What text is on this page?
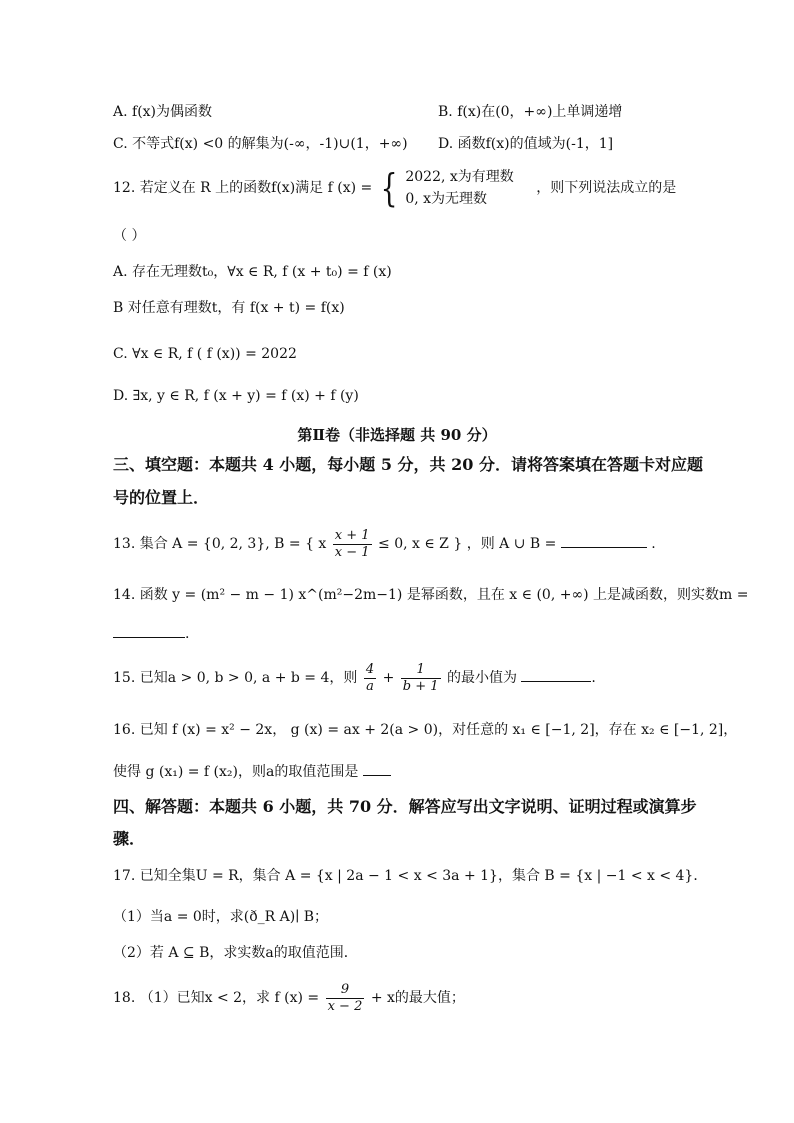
A. f(x)为偶函数	B. f(x)在(0，+∞)上单调递增
C. 不等式f(x) <0 的解集为(-∞，-1)∪(1，+∞) D. 函数f(x)的值域为(-1，1]
12. 若定义在 R 上的函数f(x)满足 f (x) = { 2022, x为有理数
0, x为无理数
，则下列说法成立的是
（ ）
A. 存在无理数t₀，∀x ∈ R, f (x + t₀) = f (x)
B 对任意有理数t，有 f(x + t) = f(x)
C. ∀x ∈ R, f ( f (x)) = 2022
D. ∃x, y ∈ R, f (x + y) = f (x) + f (y)
第Ⅱ卷（非选择题 共 90 分）
三、填空题：本题共 4 小题，每小题 5 分，共 20 分．请将答案填在答题卡对应题
号的位置上．
13. 集合 A = {0, 2, 3}, B = { x $\frac{x + 1}{x - 1} \le 0$, x ∈ Z } ，则 A ∪ B =	.
14. 函数 y = (m² − m − 1) x^(m²−2m−1) 是幂函数，且在 x ∈ (0, +∞) 上是减函数，则实数m =
.
15. 已知a > 0, b > 0, a + b = 4，则 $\frac{4}{a} + \frac{1}{b + 1}$ 的最小值为	.
16. 已知 f (x) = x² − 2x， g (x) = ax + 2(a > 0)，对任意的 x₁ ∈ [−1, 2]，存在 x₂ ∈ [−1, 2]，
使得 g (x₁) = f (x₂)，则a的取值范围是
四、解答题：本题共 6 小题，共 70 分．解答应写出文字说明、证明过程或演算步
骤．
17. 已知全集U = R，集合 A = {x | 2a − 1 < x < 3a + 1}，集合 B = {x | −1 < x < 4}．
（1）当a = 0时，求(ð_R A)∣ B；
（2）若 A ⊆ B，求实数a的取值范围．
18. （1）已知x < 2，求 f $(x) = \frac{9}{x - 2} + x$的最大值；
